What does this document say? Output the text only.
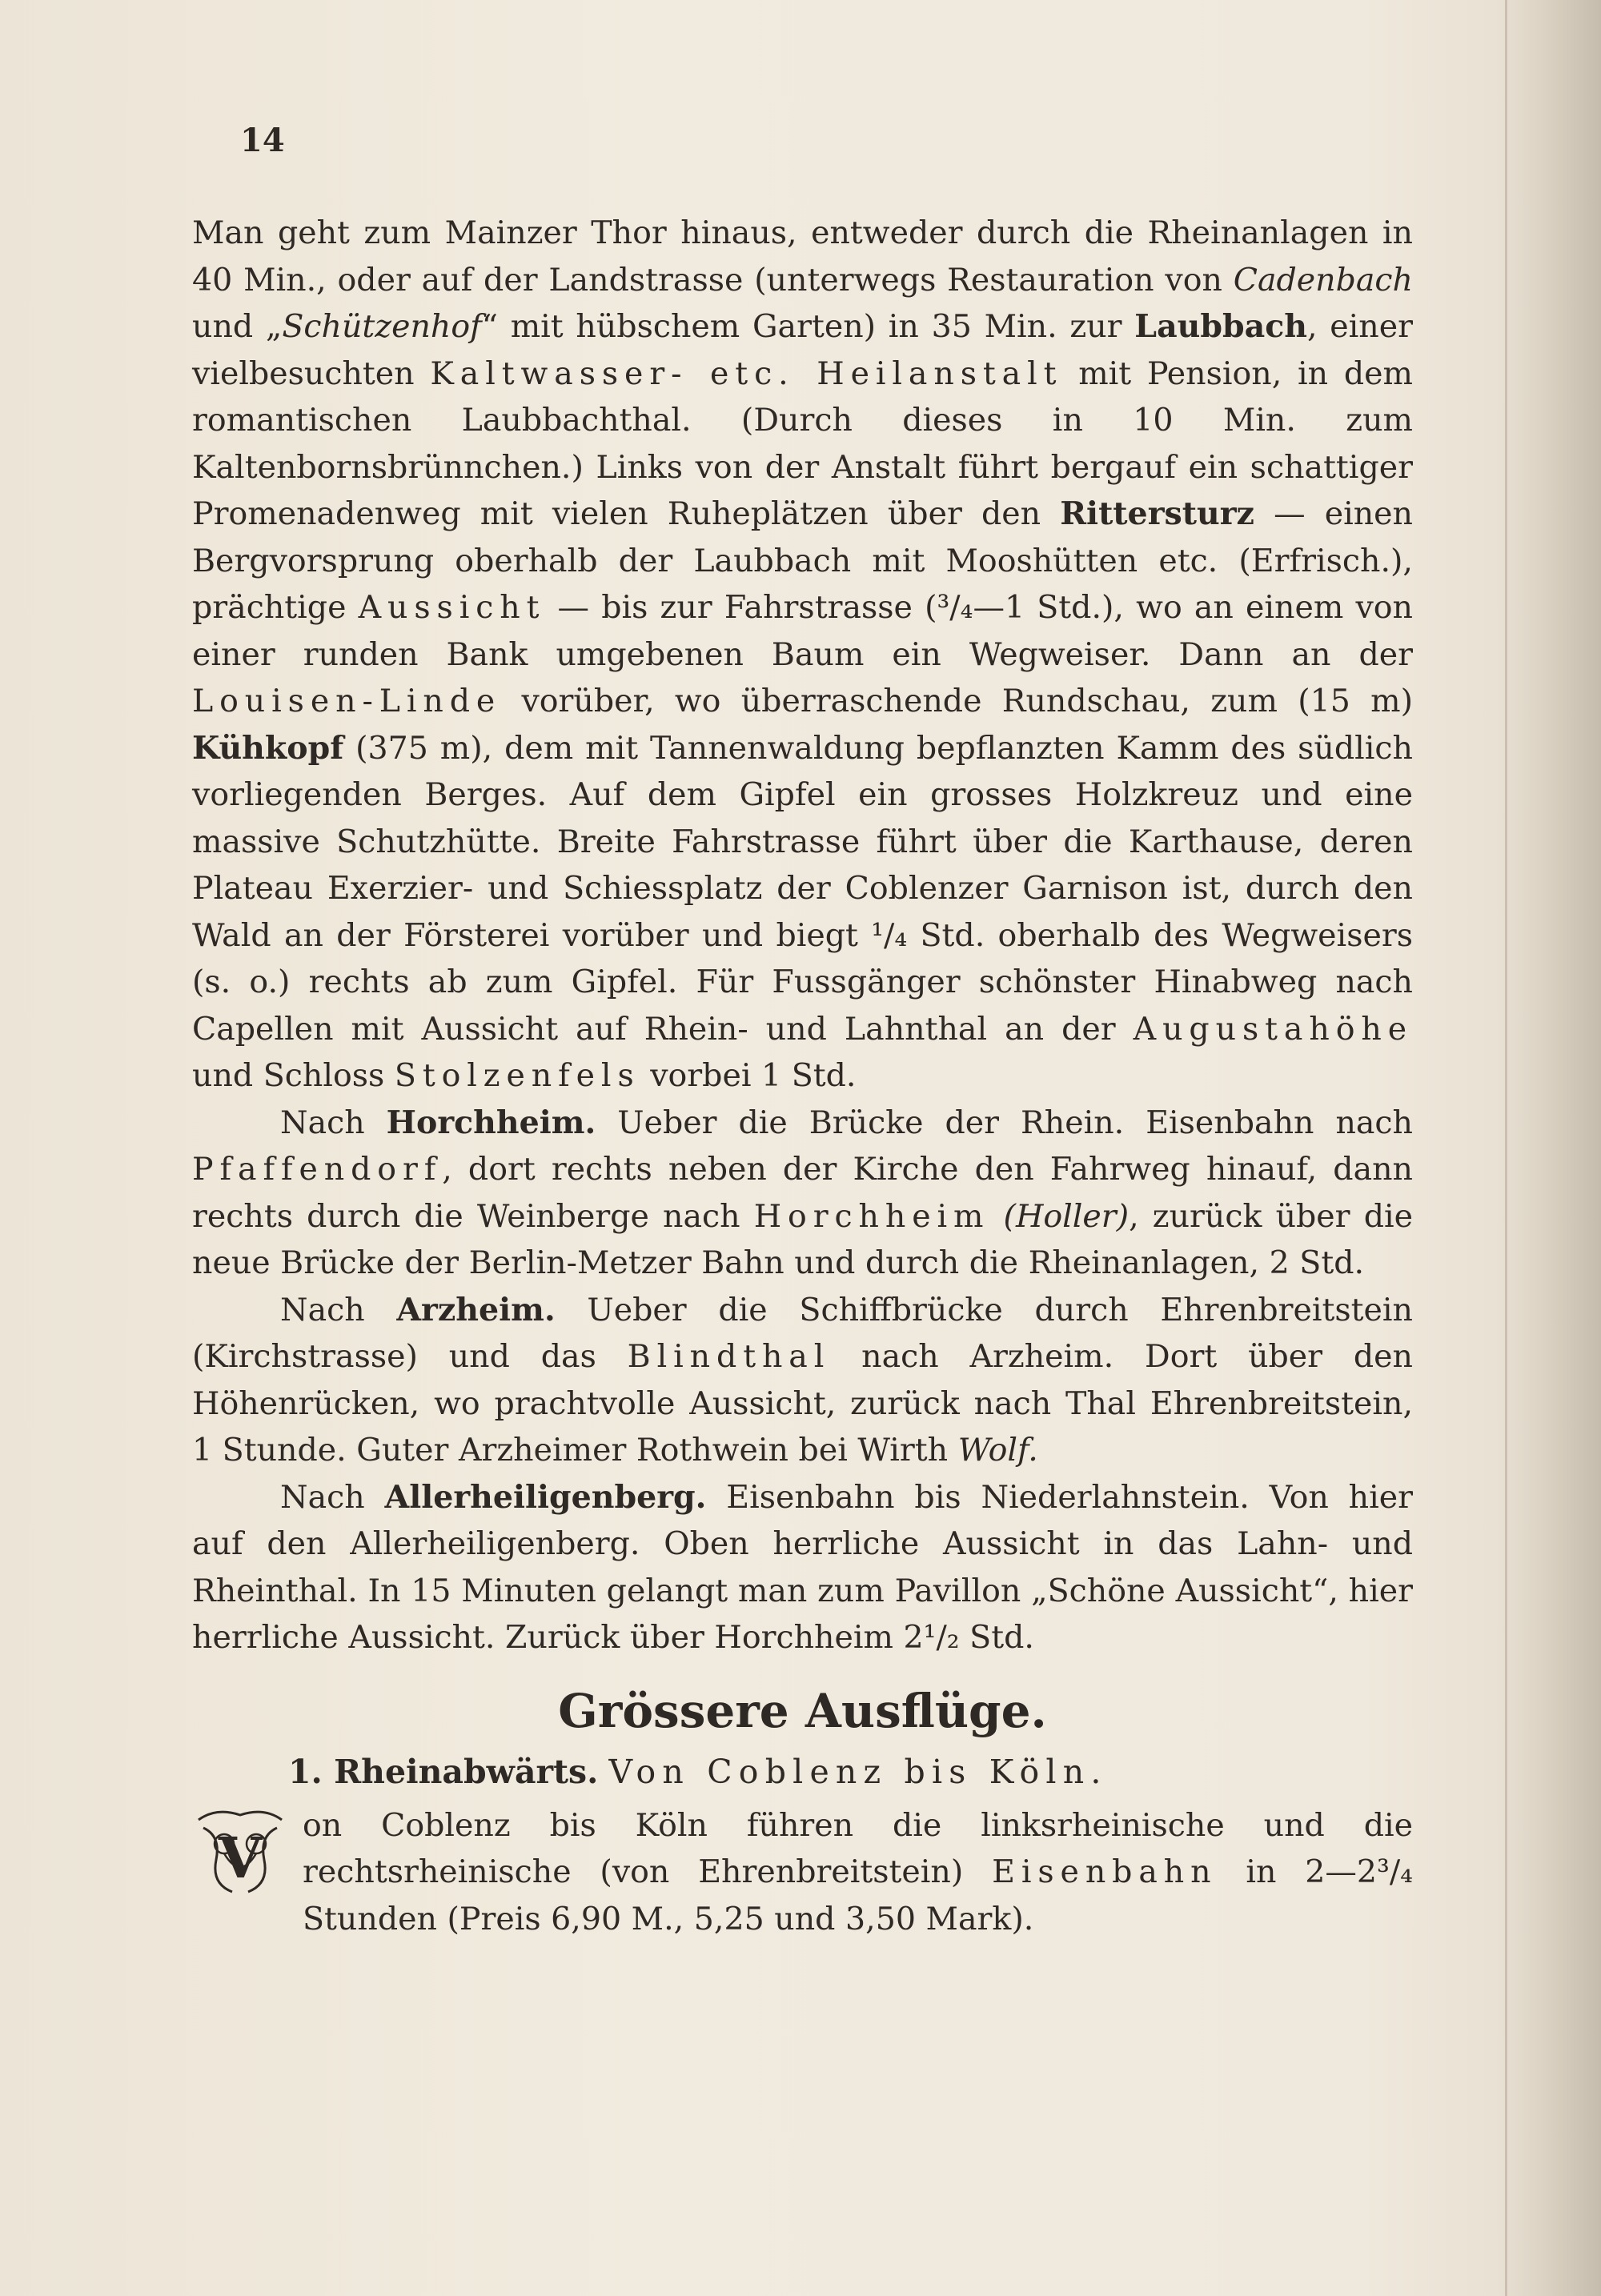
14

Man geht zum Mainzer Thor hinaus, entweder durch die Rheinanlagen in 40 Min., oder auf der Landstrasse (unterwegs Restauration von Cadenbach und „Schützenhof“ mit hübschem Garten) in 35 Min. zur Laubbach, einer vielbesuchten Kaltwasser- etc. Heilanstalt mit Pension, in dem romantischen Laubbachthal. (Durch dieses in 10 Min. zum Kaltenbornsbrünnchen.) Links von der Anstalt führt bergauf ein schattiger Promenadenweg mit vielen Ruheplätzen über den Rittersturz — einen Bergvorsprung oberhalb der Laubbach mit Mooshütten etc. (Erfrisch.), prächtige Aussicht — bis zur Fahrstrasse (³/₄—1 Std.), wo an einem von einer runden Bank umgebenen Baum ein Wegweiser. Dann an der Louisen-Linde vorüber, wo überraschende Rundschau, zum (15 m) Kühkopf (375 m), dem mit Tannenwaldung bepflanzten Kamm des südlich vorliegenden Berges. Auf dem Gipfel ein grosses Holzkreuz und eine massive Schutzhütte. Breite Fahrstrasse führt über die Karthause, deren Plateau Exerzier- und Schiessplatz der Coblenzer Garnison ist, durch den Wald an der Försterei vorüber und biegt ¹/₄ Std. oberhalb des Wegweisers (s. o.) rechts ab zum Gipfel. Für Fussgänger schönster Hinabweg nach Capellen mit Aussicht auf Rhein- und Lahnthal an der Augustahöhe und Schloss Stolzenfels vorbei 1 Std.

Nach Horchheim. Ueber die Brücke der Rhein. Eisenbahn nach Pfaffendorf, dort rechts neben der Kirche den Fahrweg hinauf, dann rechts durch die Weinberge nach Horchheim (Holler), zurück über die neue Brücke der Berlin-Metzer Bahn und durch die Rheinanlagen, 2 Std.

Nach Arzheim. Ueber die Schiffbrücke durch Ehrenbreitstein (Kirchstrasse) und das Blindthal nach Arzheim. Dort über den Höhenrücken, wo prachtvolle Aussicht, zurück nach Thal Ehrenbreitstein, 1 Stunde. Guter Arzheimer Rothwein bei Wirth Wolf.

Nach Allerheiligenberg. Eisenbahn bis Niederlahnstein. Von hier auf den Allerheiligenberg. Oben herrliche Aussicht in das Lahn- und Rheinthal. In 15 Minuten gelangt man zum Pavillon „Schöne Aussicht“, hier herrliche Aussicht. Zurück über Horchheim 2¹/₂ Std.

Grössere Ausflüge.
1. Rheinabwärts. Von Coblenz bis Köln.

V on Coblenz bis Köln führen die linksrheinische und die rechtsrheinische (von Ehrenbreitstein) Eisenbahn in 2—2³/₄ Stunden (Preis 6,90 M., 5,25 und 3,50 Mark).
